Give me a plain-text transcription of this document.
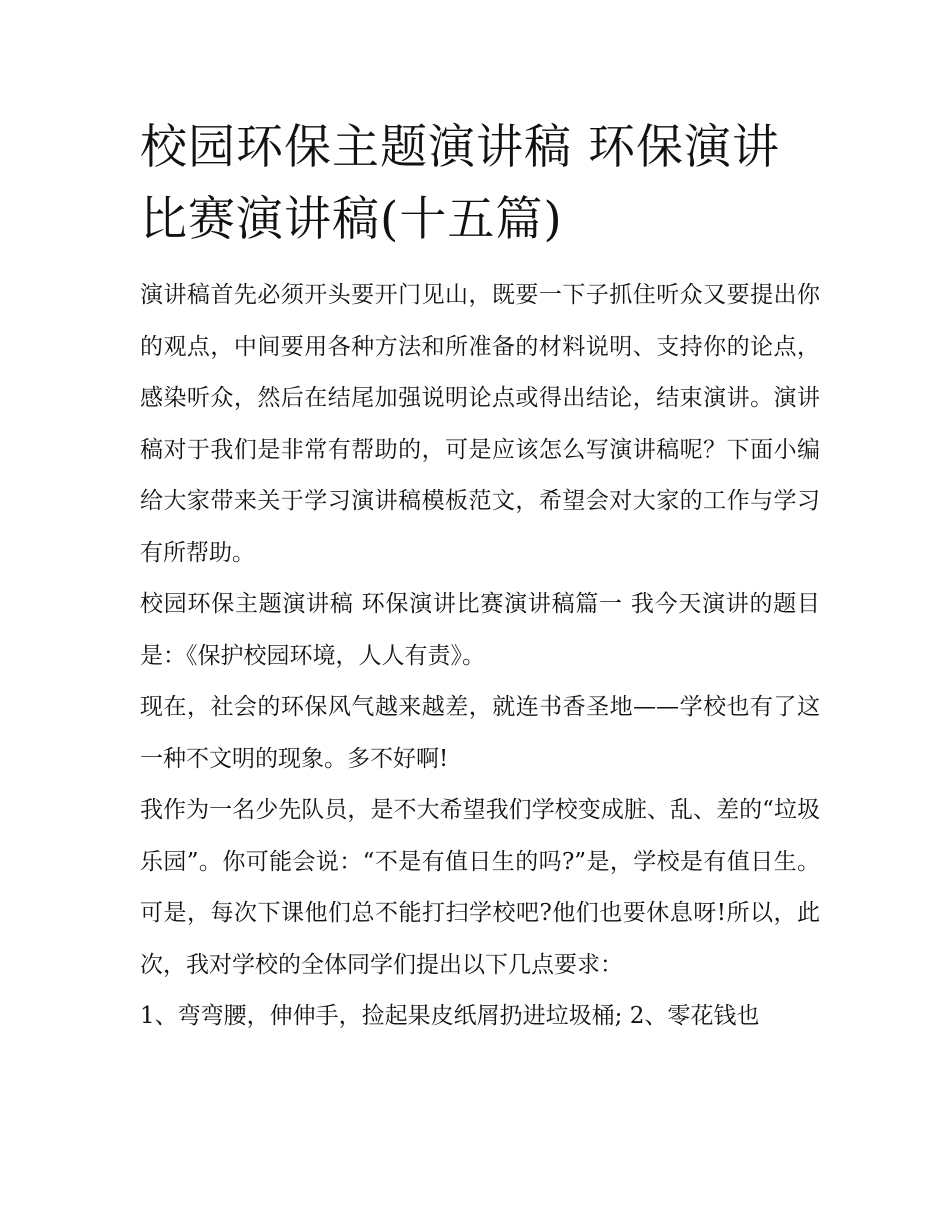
校园环保主题演讲稿 环保演讲比赛演讲稿(十五篇)

演讲稿首先必须开头要开门见山，既要一下子抓住听众又要提出你的观点，中间要用各种方法和所准备的材料说明、支持你的论点，感染听众，然后在结尾加强说明论点或得出结论，结束演讲。演讲稿对于我们是非常有帮助的，可是应该怎么写演讲稿呢？下面小编给大家带来关于学习演讲稿模板范文，希望会对大家的工作与学习有所帮助。

校园环保主题演讲稿 环保演讲比赛演讲稿篇一 我今天演讲的题目是：《保护校园环境，人人有责》。

现在，社会的环保风气越来越差，就连书香圣地——学校也有了这一种不文明的现象。多不好啊!

我作为一名少先队员，是不大希望我们学校变成脏、乱、差的“垃圾乐园”。你可能会说：“不是有值日生的吗?”是，学校是有值日生。可是，每次下课他们总不能打扫学校吧?他们也要休息呀!所以，此次，我对学校的全体同学们提出以下几点要求：

1、弯弯腰，伸伸手，捡起果皮纸屑扔进垃圾桶; 2、零花钱也
